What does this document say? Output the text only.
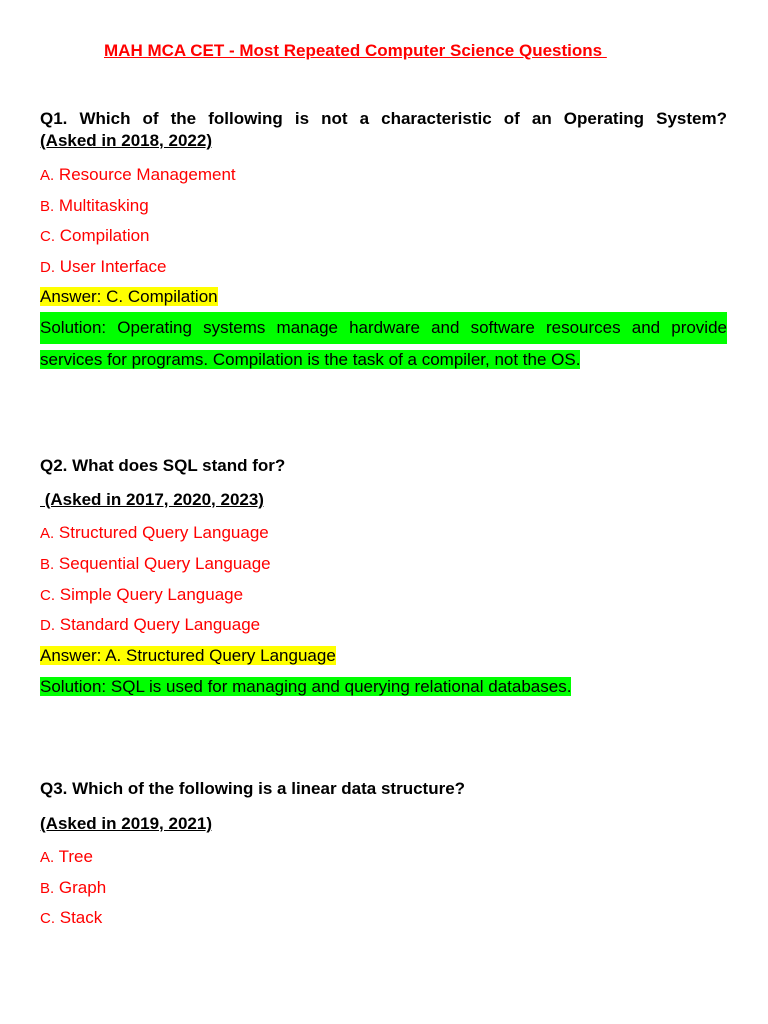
MAH MCA CET - Most Repeated Computer Science Questions
Q1. Which of the following is not a characteristic of an Operating System?
(Asked in 2018, 2022)
A. Resource Management
B. Multitasking
C. Compilation
D. User Interface
Answer: C. Compilation
Solution: Operating systems manage hardware and software resources and provide
services for programs. Compilation is the task of a compiler, not the OS.
Q2. What does SQL stand for?
(Asked in 2017, 2020, 2023)
A. Structured Query Language
B. Sequential Query Language
C. Simple Query Language
D. Standard Query Language
Answer: A. Structured Query Language
Solution: SQL is used for managing and querying relational databases.
Q3. Which of the following is a linear data structure?
(Asked in 2019, 2021)
A. Tree
B. Graph
C. Stack
